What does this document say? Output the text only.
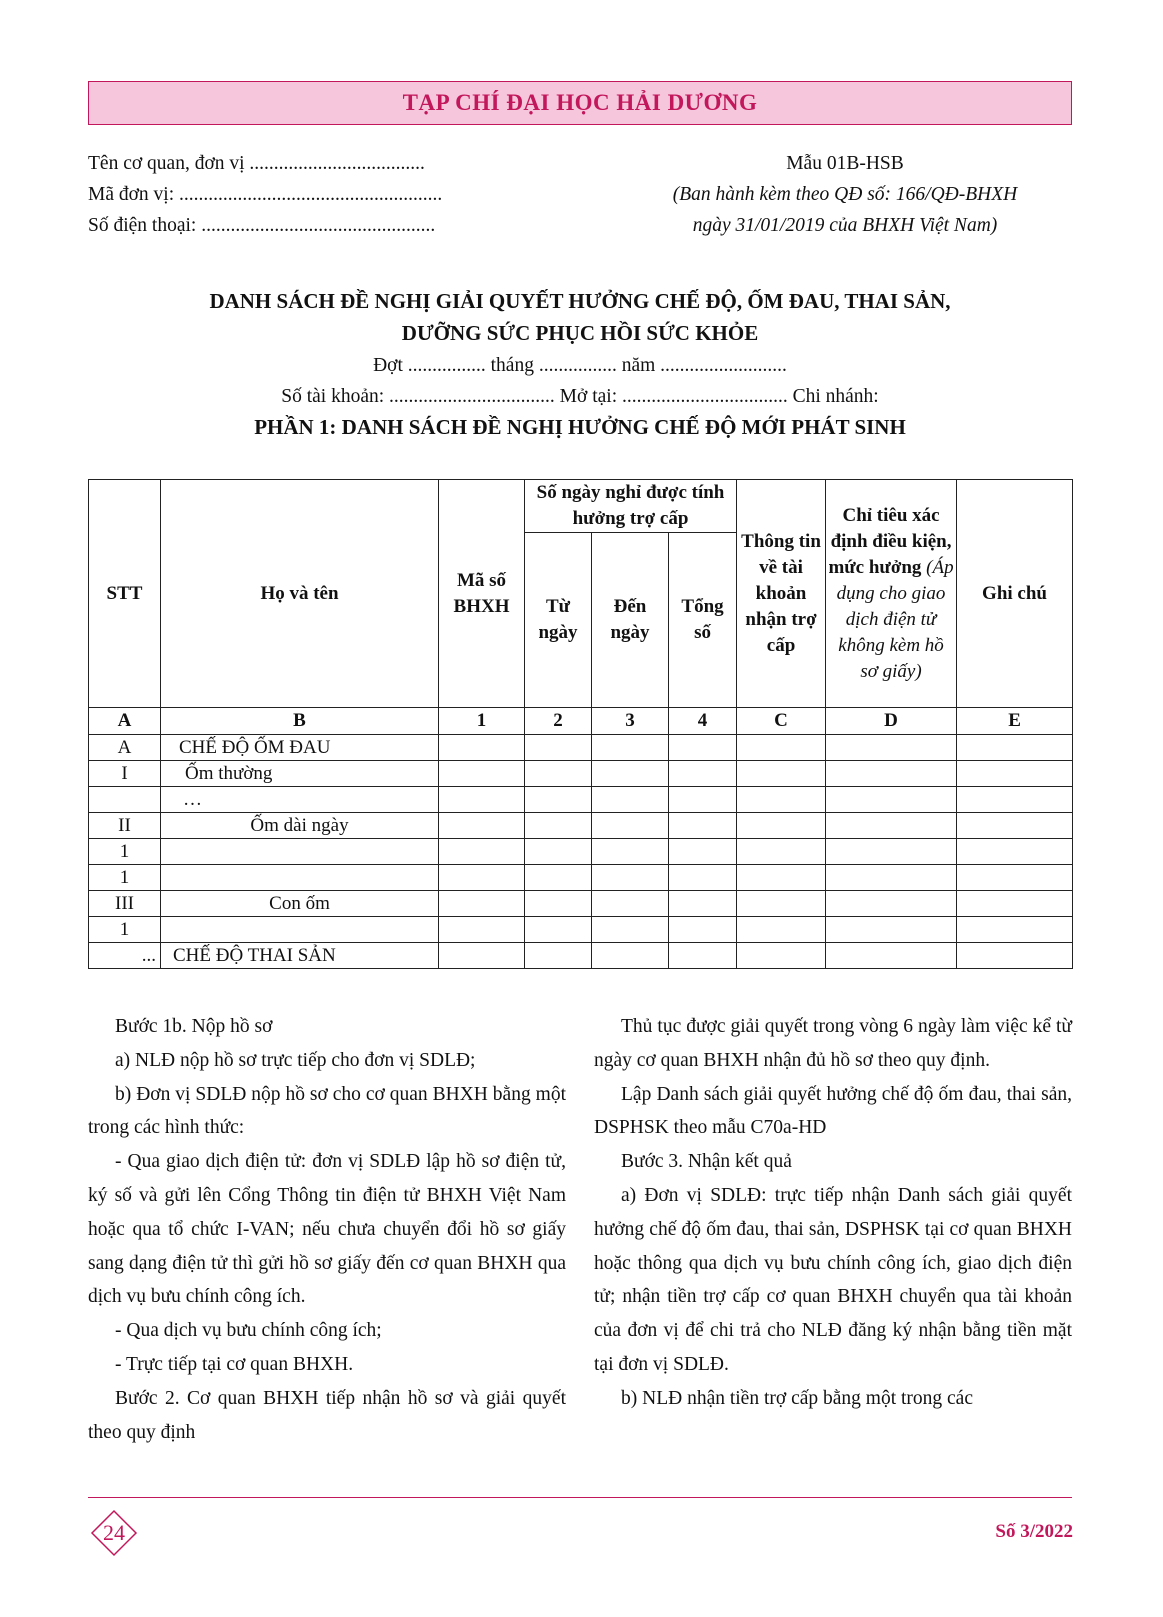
TẠP CHÍ ĐẠI HỌC HẢI DƯƠNG
Tên cơ quan, đơn vị ....................................
Mã đơn vị: ......................................................
Số điện thoại: ................................................
Mẫu 01B-HSB
(Ban hành kèm theo QĐ số: 166/QĐ-BHXH
ngày 31/01/2019 của BHXH Việt Nam)
DANH SÁCH ĐỀ NGHỊ GIẢI QUYẾT HƯỞNG CHẾ ĐỘ, ỐM ĐAU, THAI SẢN,
DƯỠNG SỨC PHỤC HỒI SỨC KHỎE
Đợt ................ tháng ................ năm ..........................
Số tài khoản: .................................. Mở tại: .................................. Chi nhánh:
PHẦN 1: DANH SÁCH ĐỀ NGHỊ HƯỞNG CHẾ ĐỘ MỚI PHÁT SINH
STT	Họ và tên	Mã số BHXH	Số ngày nghỉ được tính hưởng trợ cấp			Thông tin về tài khoản nhận trợ cấp	Chỉ tiêu xác định điều kiện, mức hưởng (Áp dụng cho giao dịch điện tử không kèm hồ sơ giấy)	Ghi chú
			Từ ngày	Đến ngày	Tổng số			
A	B	1	2	3	4	C	D	E
A	CHẾ ĐỘ ỐM ĐAU							
I	Ốm thường							
	…							
II	Ốm dài ngày							
1								
1								
III	Con ốm							
1								
...	CHẾ ĐỘ THAI SẢN							

Bước 1b. Nộp hồ sơ

a) NLĐ nộp hồ sơ trực tiếp cho đơn vị SDLĐ;

b) Đơn vị SDLĐ nộp hồ sơ cho cơ quan BHXH bằng một trong các hình thức:

- Qua giao dịch điện tử: đơn vị SDLĐ lập hồ sơ điện tử, ký số và gửi lên Cổng Thông tin điện tử BHXH Việt Nam hoặc qua tổ chức I-VAN; nếu chưa chuyển đổi hồ sơ giấy sang dạng điện tử thì gửi hồ sơ giấy đến cơ quan BHXH qua dịch vụ bưu chính công ích.

- Qua dịch vụ bưu chính công ích;

- Trực tiếp tại cơ quan BHXH.

Bước 2. Cơ quan BHXH tiếp nhận hồ sơ và giải quyết theo quy định

Thủ tục được giải quyết trong vòng 6 ngày làm việc kể từ ngày cơ quan BHXH nhận đủ hồ sơ theo quy định.

Lập Danh sách giải quyết hưởng chế độ ốm đau, thai sản, DSPHSK theo mẫu C70a-HD

Bước 3. Nhận kết quả

a) Đơn vị SDLĐ: trực tiếp nhận Danh sách giải quyết hưởng chế độ ốm đau, thai sản, DSPHSK tại cơ quan BHXH hoặc thông qua dịch vụ bưu chính công ích, giao dịch điện tử; nhận tiền trợ cấp cơ quan BHXH chuyển qua tài khoản của đơn vị để chi trả cho NLĐ đăng ký nhận bằng tiền mặt tại đơn vị SDLĐ.

b) NLĐ nhận tiền trợ cấp bằng một trong các

24	Số 3/2022
